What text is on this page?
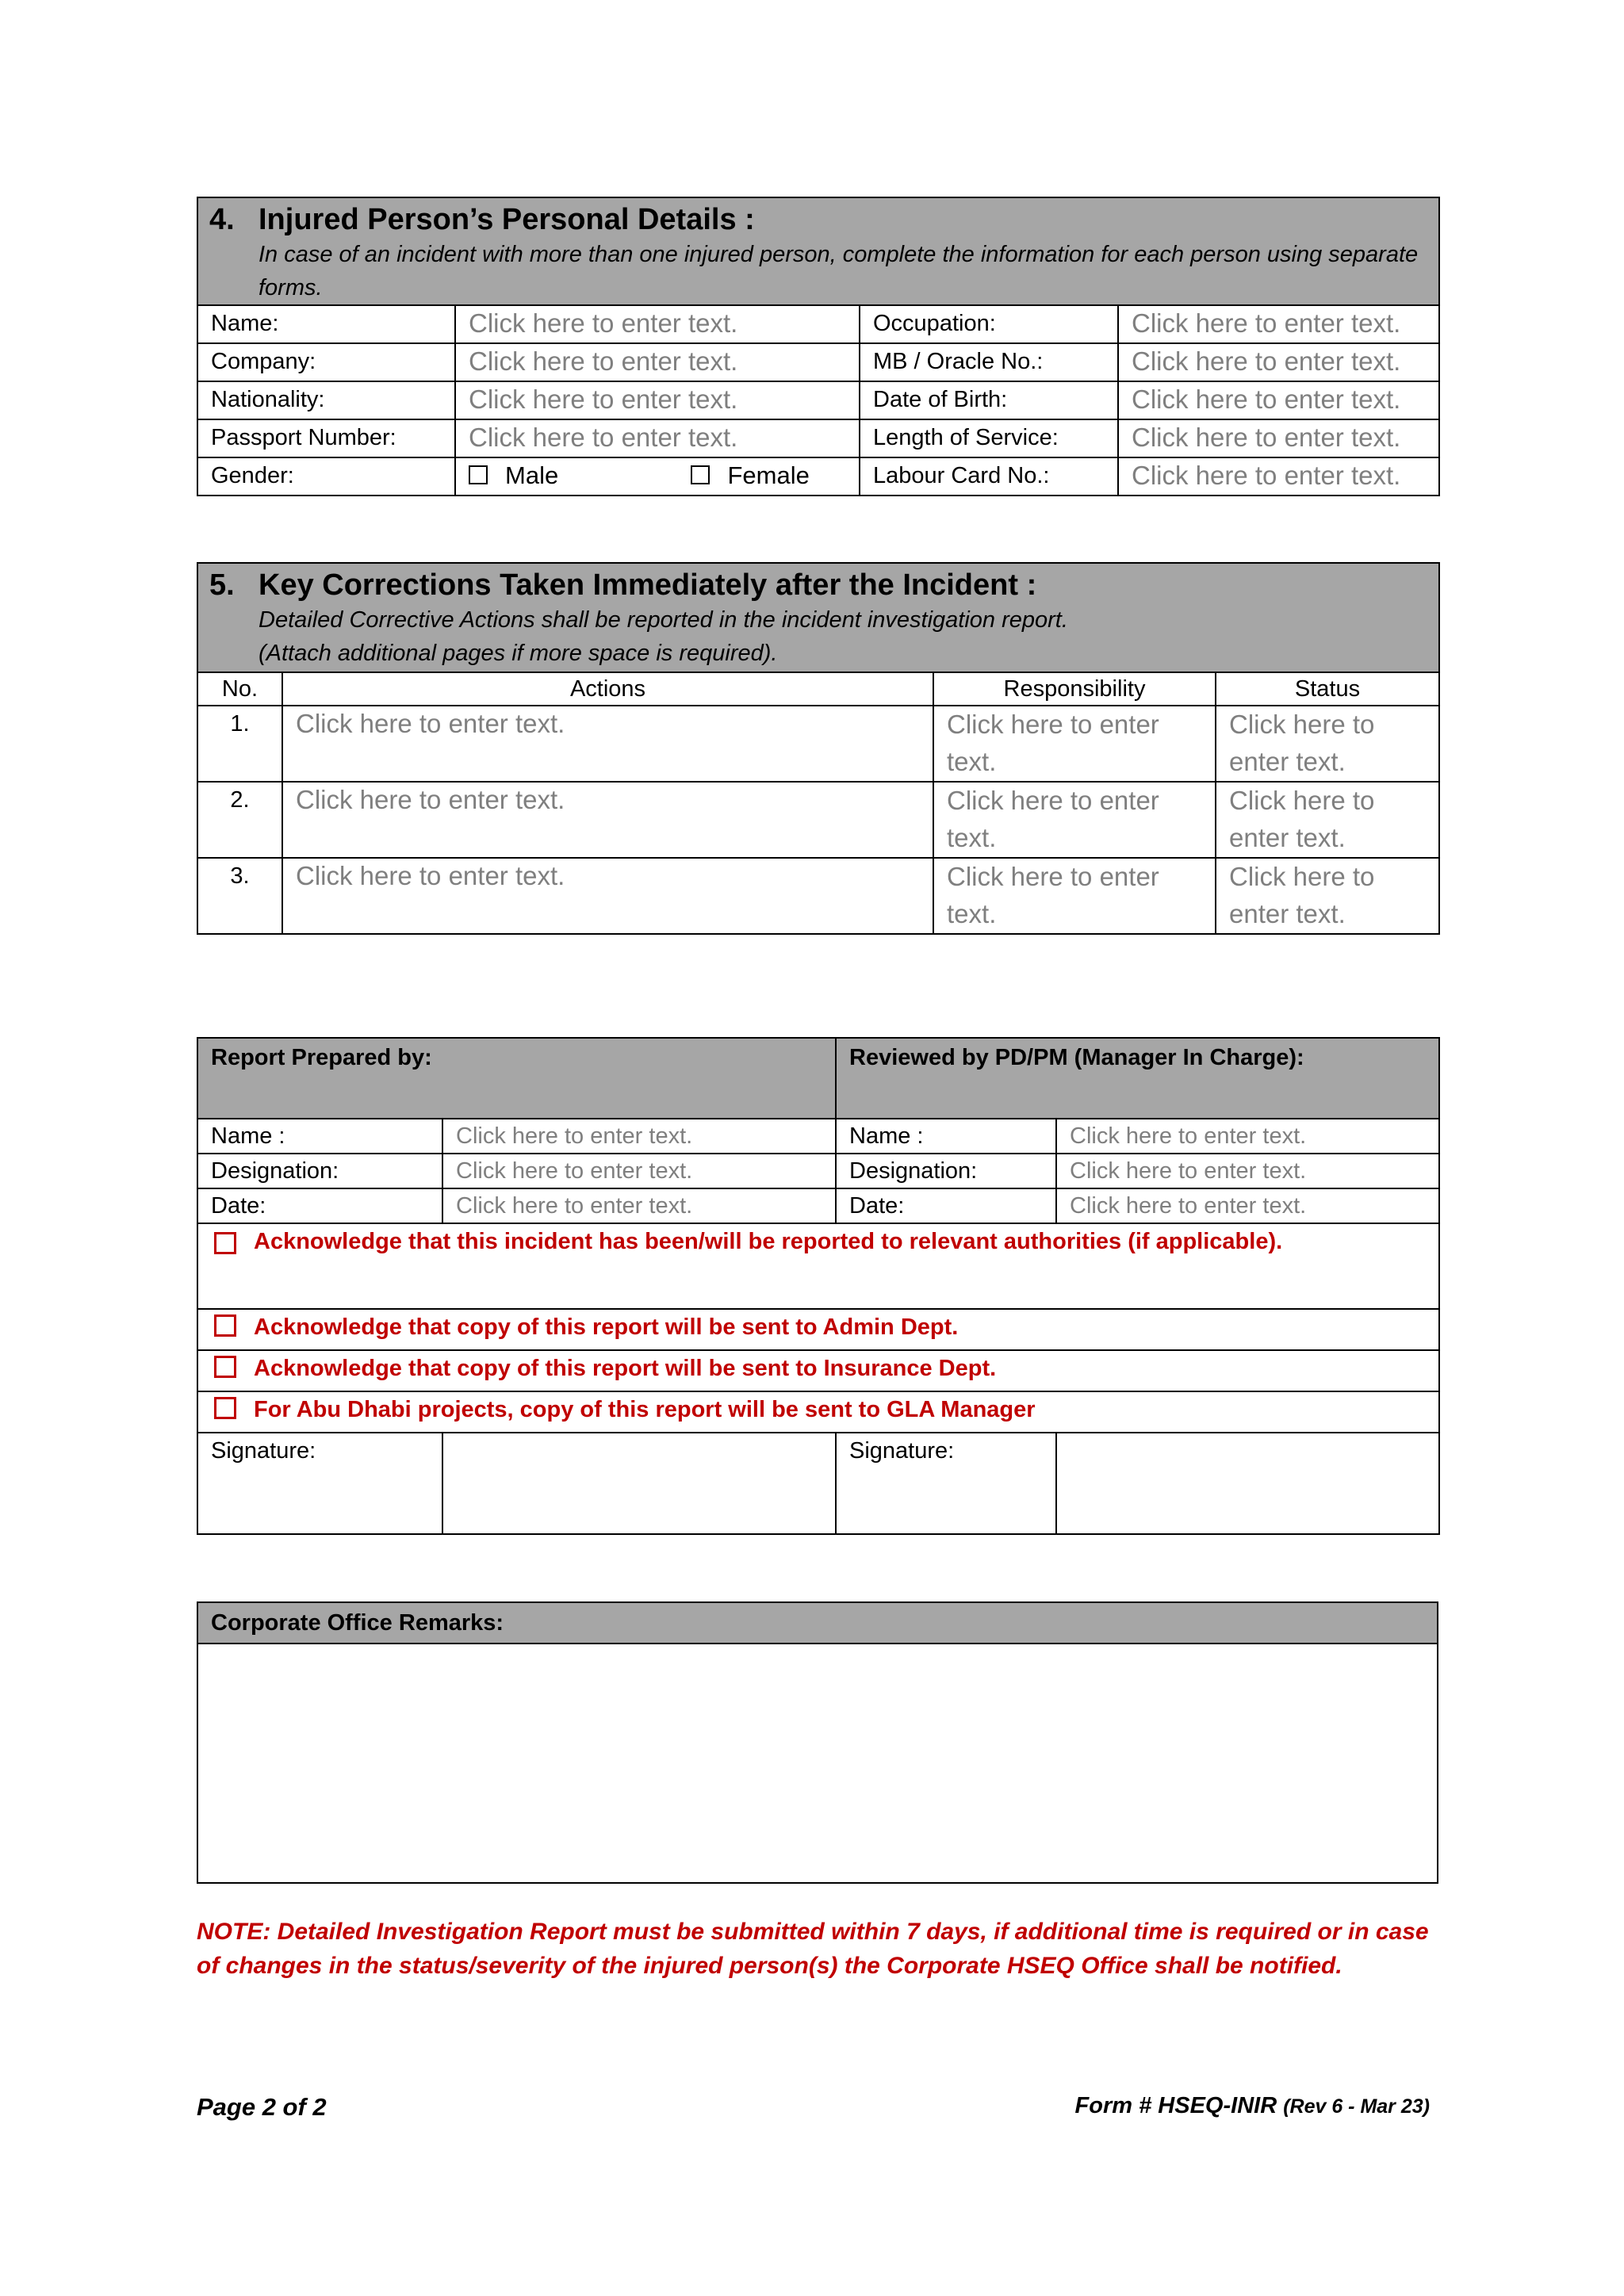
4. Injured Person’s Personal Details :
In case of an incident with more than one injured person, complete the information for each person using separate forms.			

Name:	Click here to enter text.	Occupation:	Click here to enter text.
Company:	Click here to enter text.	MB / Oracle No.:	Click here to enter text.
Nationality:	Click here to enter text.	Date of Birth:	Click here to enter text.
Passport Number:	Click here to enter text.	Length of Service:	Click here to enter text.
Gender:	Male Female	Labour Card No.:	Click here to enter text.
5. Key Corrections Taken Immediately after the Incident :
Detailed Corrective Actions shall be reported in the incident investigation report.
(Attach additional pages if more space is required).			

No.	Actions	Responsibility	Status
1.	Click here to enter text.	Click here to enter text.	Click here to enter text.
2.	Click here to enter text.	Click here to enter text.	Click here to enter text.
3.	Click here to enter text.	Click here to enter text.	Click here to enter text.
Report Prepared by:		Reviewed by PD/PM (Manager In Charge):	
Name :	Click here to enter text.	Name :	Click here to enter text.
Designation:	Click here to enter text.	Designation:	Click here to enter text.
Date:	Click here to enter text.	Date:	Click here to enter text.

Acknowledge that this incident has been/will be reported to relevant authorities (if applicable).			

Acknowledge that copy of this report will be sent to Admin Dept.			
Acknowledge that copy of this report will be sent to Insurance Dept.			
For Abu Dhabi projects, copy of this report will be sent to GLA Manager			
Signature:		Signature:	
Corporate Office Remarks:

NOTE: Detailed Investigation Report must be submitted within 7 days, if additional time is required or in case of changes in the status/severity of the injured person(s) the Corporate HSEQ Office shall be notified.
Page 2 of 2	Form # HSEQ-INIR (Rev 6 - Mar 23)
